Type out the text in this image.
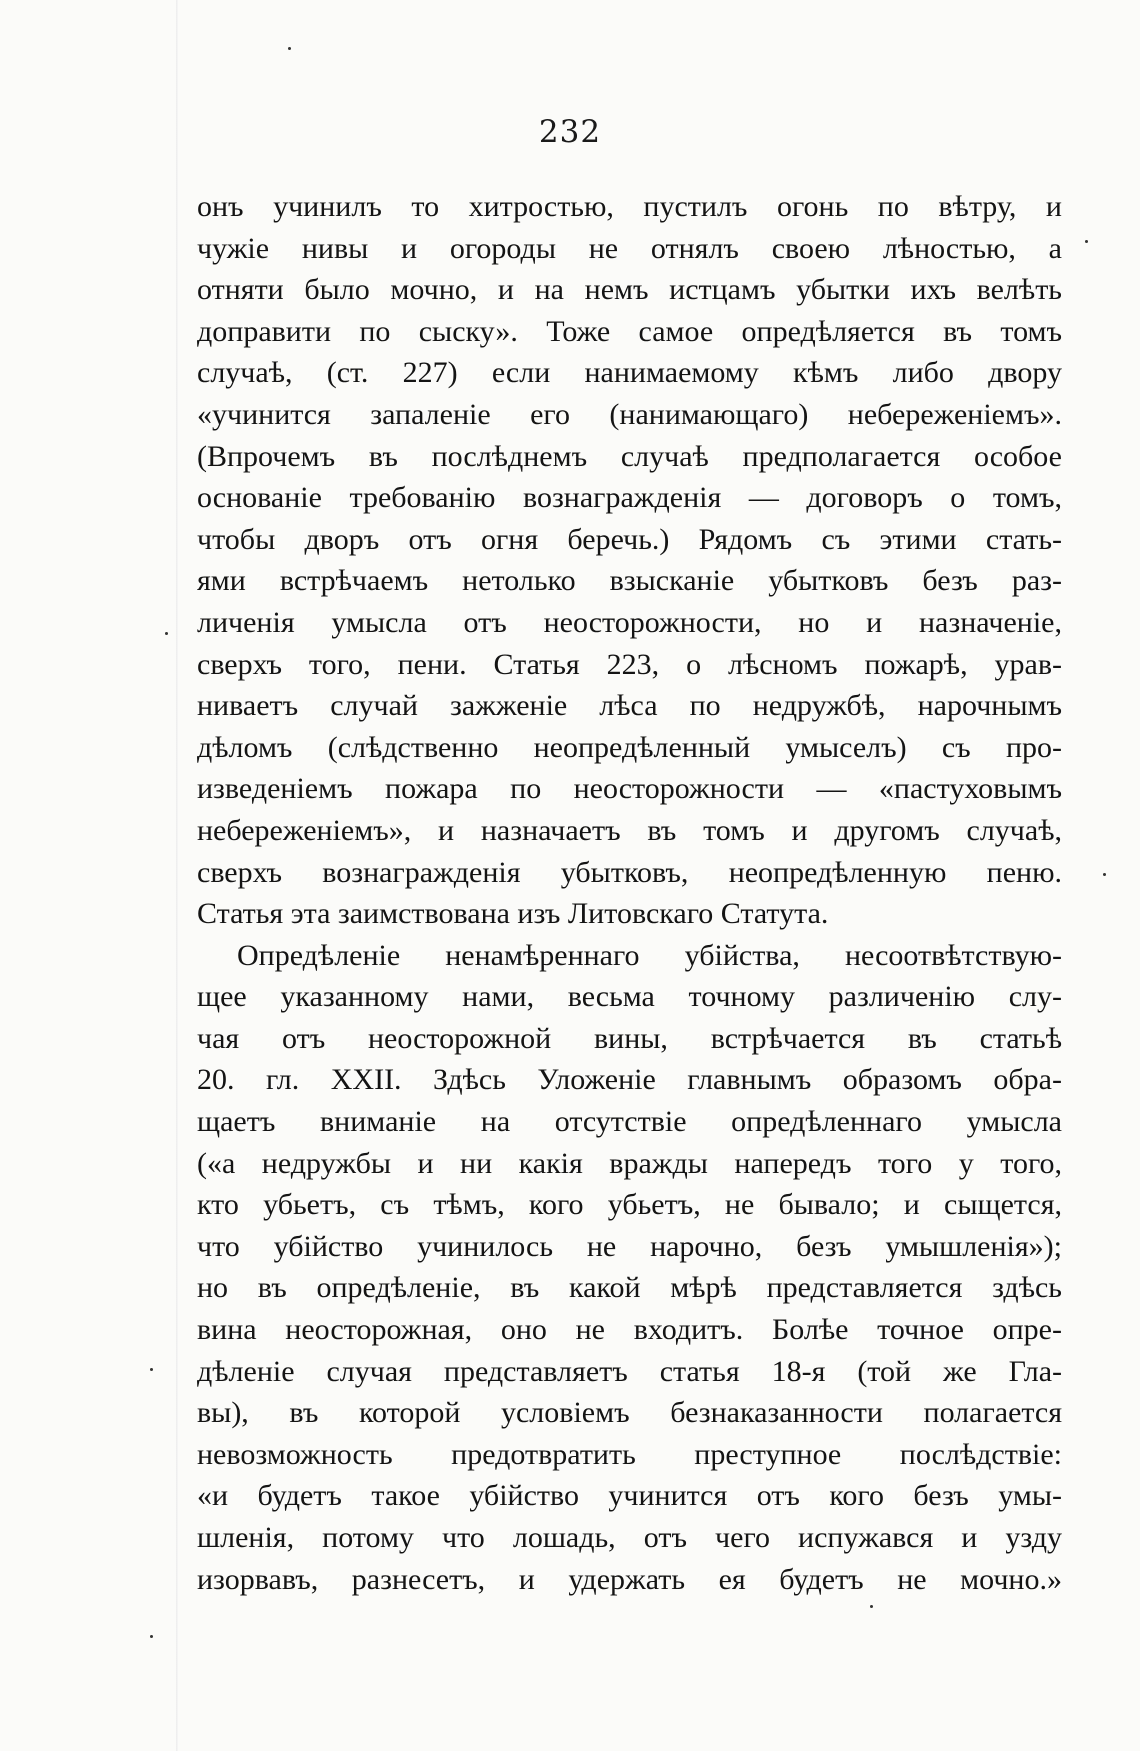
232
онъ учинилъ то хитростью, пустилъ огонь по вѣтру, и
чужіе нивы и огороды не отнялъ своею лѣностью, а
отняти было мочно, и на немъ истцамъ убытки ихъ велѣть
доправити по сыску». Тоже самое опредѣляется въ томъ
случаѣ, (ст. 227) если нанимаемому кѣмъ либо двору
«учинится запаленіе его (нанимающаго) небереженіемъ».
(Впрочемъ въ послѣднемъ случаѣ предполагается особое
основаніе требованію вознагражденія — договоръ о томъ,
чтобы дворъ отъ огня беречь.) Рядомъ съ этими стать-
ями встрѣчаемъ нетолько взысканіе убытковъ безъ раз-
личенія умысла отъ неосторожности, но и назначеніе,
сверхъ того, пени. Статья 223, о лѣсномъ пожарѣ, урав-
ниваетъ случай зажженіе лѣса по недружбѣ, нарочнымъ
дѣломъ (слѣдственно неопредѣленный умыселъ) съ про-
изведеніемъ пожара по неосторожности — «пастуховымъ
небереженіемъ», и назначаетъ въ томъ и другомъ случаѣ,
сверхъ вознагражденія убытковъ, неопредѣленную пеню.
Статья эта заимствована изъ Литовскаго Статута.
Опредѣленіе ненамѣреннаго убійства, несоотвѣтствую-
щее указанному нами, весьма точному различенію слу-
чая отъ неосторожной вины, встрѣчается въ статьѣ
20. гл. XXII. Здѣсь Уложеніе главнымъ образомъ обра-
щаетъ вниманіе на отсутствіе опредѣленнаго умысла
(«а недружбы и ни какія вражды напередъ того у того,
кто убьетъ, съ тѣмъ, кого убьетъ, не бывало; и сыщется,
что убійство учинилось не нарочно, безъ умышленія»);
но въ опредѣленіе, въ какой мѣрѣ представляется здѣсь
вина неосторожная, оно не входитъ. Болѣе точное опре-
дѣленіе случая представляетъ статья 18-я (той же Гла-
вы), въ которой условіемъ безнаказанности полагается
невозможность предотвратить преступное послѣдствіе:
«и будетъ такое убійство учинится отъ кого безъ умы-
шленія, потому что лошадь, отъ чего испужався и узду
изорвавъ, разнесетъ, и удержать ея будетъ не мочно.»
